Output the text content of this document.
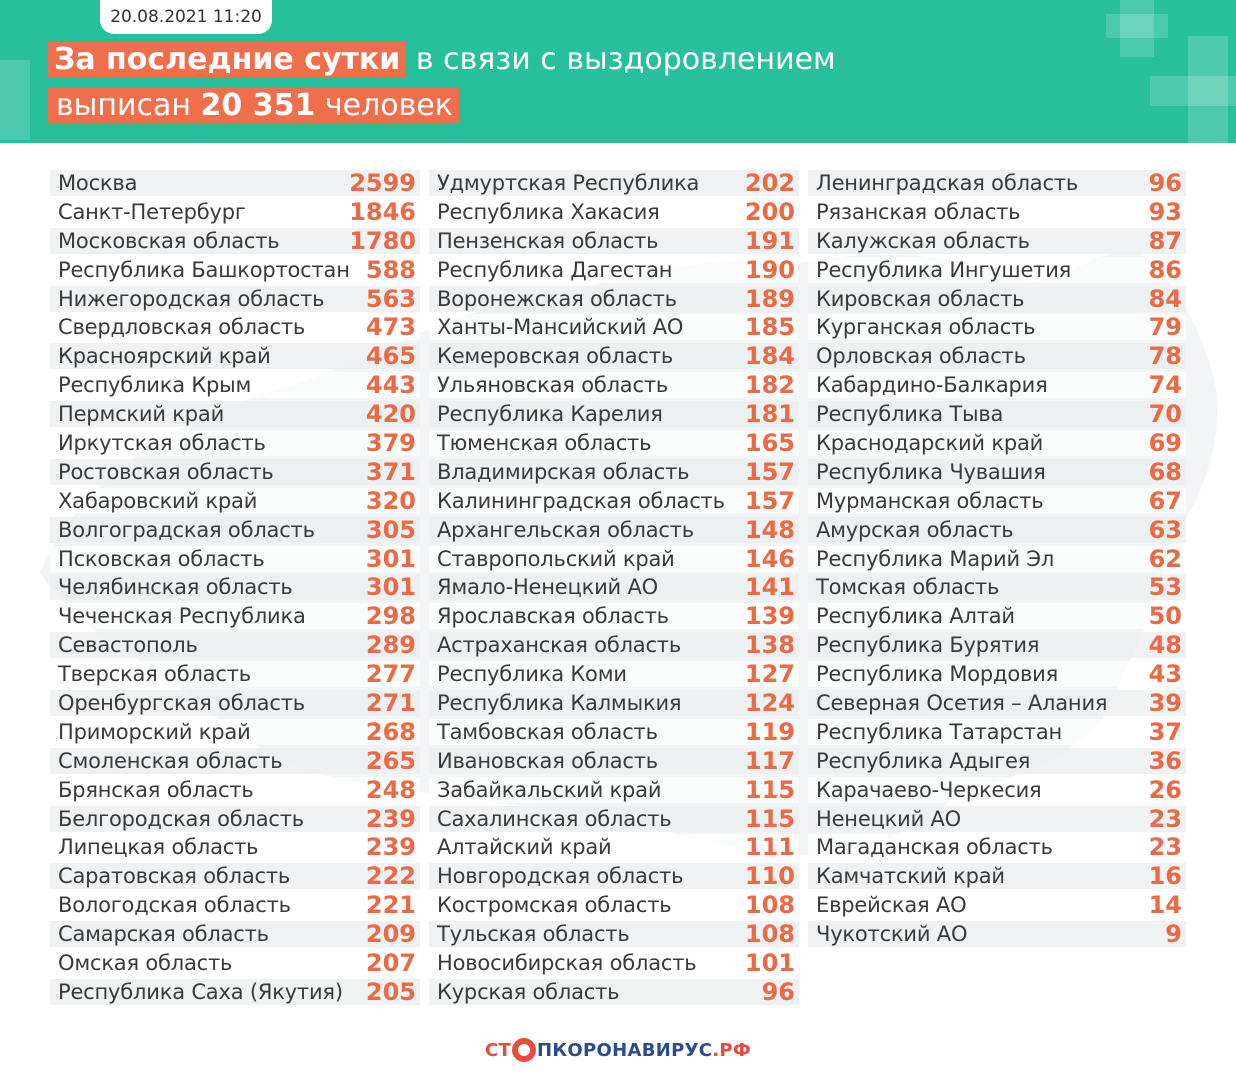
20.08.2021 11:20
За последние сутки в связи с выздоровлением
выписан 20 351 человек
Москва	2599
Санкт-Петербург	1846
Московская область	1780
Республика Башкортостан 588
Нижегородская область 563
Свердловская область	473
Красноярский край	465
Республика Крым	443
Пермский край	420
Иркутская область	379
Ростовская область	371
Хабаровский край	320
Волгоградская область 305
Псковская область	301
Челябинская область	301
Чеченская Республика	298
Севастополь	289
Тверская область	277
Оренбургская область	271
Приморский край	268
Смоленская область	265
Брянская область	248
Белгородская область	239
Липецкая область	239
Саратовская область	222
Вологодская область	221
Самарская область	209
Омская область	207
Республика Саха (Якутия) 205
Удмуртская Республика 202
Республика Хакасия	200
Пензенская область	191
Республика Дагестан	190
Воронежская область	189
Ханты-Мансийский АО	185
Кемеровская область	184
Ульяновская область	182
Республика Карелия	181
Тюменская область	165
Владимирская область 157
Калининградская область 157
Архангельская область 148
Ставропольский край	146
Ямало-Ненецкий АО	141
Ярославская область	139
Астраханская область	138
Республика Коми	127
Республика Калмыкия	124
Тамбовская область	119
Ивановская область	117
Забайкальский край	115
Сахалинская область	115
Алтайский край	111
Новгородская область	110
Костромская область	108
Тульская область	108
Новосибирская область 101
Курская область	96
Ленинградская область	96
Рязанская область	93
Калужская область	87
Республика Ингушетия	86
Кировская область	84
Курганская область	79
Орловская область	78
Кабардино-Балкария	74
Республика Тыва	70
Краснодарский край	69
Республика Чувашия	68
Мурманская область	67
Амурская область	63
Республика Марий Эл	62
Томская область	53
Республика Алтай	50
Республика Бурятия	48
Республика Мордовия	43
Северная Осетия – Алания 39
Республика Татарстан	37
Республика Адыгея	36
Карачаево-Черкесия	26
Ненецкий АО	23
Магаданская область	23
Камчатский край	16
Еврейская АО	14
Чукотский АО	9
СТ ПКОРОНАВИРУС .РФ
